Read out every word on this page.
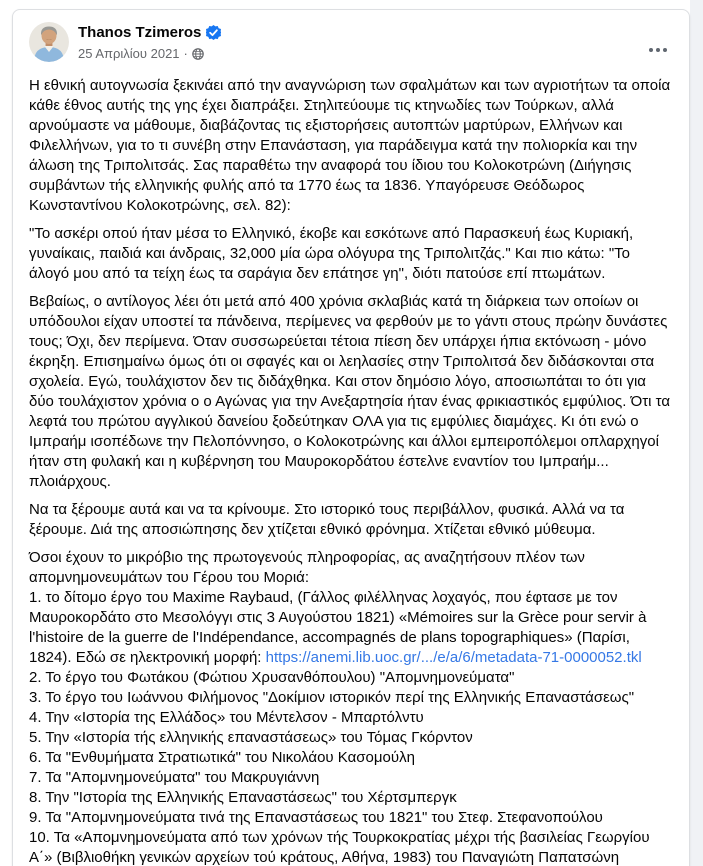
Thanos Tzimeros
25 Απριλίου 2021 ·
Η εθνική αυτογνωσία ξεκινάει από την αναγνώριση των σφαλμάτων και των αγριοτήτων τα οποία κάθε έθνος αυτής της γης έχει διαπράξει. Στηλιτεύουμε τις κτηνωδίες των Τούρκων, αλλά αρνούμαστε να μάθουμε, διαβάζοντας τις εξιστορήσεις αυτοπτών μαρτύρων, Ελλήνων και Φιλελλήνων, για το τι συνέβη στην Επανάσταση, για παράδειγμα κατά την πολιορκία και την άλωση της Τριπολιτσάς. Σας παραθέτω την αναφορά του ίδιου του Κολοκοτρώνη (Διήγησις συμβάντων τής ελληνικής φυλής από τα 1770 έως τα 1836. Υπαγόρευσε Θεόδωρος Κωνσταντίνου Κολοκοτρώνης, σελ. 82):
"Το ασκέρι οπού ήταν μέσα το Ελληνικό, έκοβε και εσκότωνε από Παρασκευή έως Κυριακή, γυναίκαις, παιδιά και άνδραις, 32,000 μία ώρα ολόγυρα της Τριπολιτζάς." Και πιο κάτω: "Το άλογό μου από τα τείχη έως τα σαράγια δεν επάτησε γη", διότι πατούσε επί πτωμάτων.
Βεβαίως, ο αντίλογος λέει ότι μετά από 400 χρόνια σκλαβιάς κατά τη διάρκεια των οποίων οι υπόδουλοι είχαν υποστεί τα πάνδεινα, περίμενες να φερθούν με το γάντι στους πρώην δυνάστες τους; Όχι, δεν περίμενα. Όταν συσσωρεύεται τέτοια πίεση δεν υπάρχει ήπια εκτόνωση - μόνο έκρηξη. Επισημαίνω όμως ότι οι σφαγές και οι λεηλασίες στην Τριπολιτσά δεν διδάσκονται στα σχολεία. Εγώ, τουλάχιστον δεν τις διδάχθηκα. Και στον δημόσιο λόγο, αποσιωπάται το ότι για δύο τουλάχιστον χρόνια ο ο Αγώνας για την Ανεξαρτησία ήταν ένας φρικιαστικός εμφύλιος. Ότι τα λεφτά του πρώτου αγγλικού δανείου ξοδεύτηκαν ΟΛΑ για τις εμφύλιες διαμάχες. Κι ότι ενώ ο Ιμπραήμ ισοπέδωνε την Πελοπόννησο, ο Κολοκοτρώνης και άλλοι εμπειροπόλεμοι οπλαρχηγοί ήταν στη φυλακή και η κυβέρνηση του Μαυροκορδάτου έστελνε εναντίον του Ιμπραήμ... πλοιάρχους.
Να τα ξέρουμε αυτά και να τα κρίνουμε. Στο ιστορικό τους περιβάλλον, φυσικά. Αλλά να τα ξέρουμε. Διά της αποσιώπησης δεν χτίζεται εθνικό φρόνημα. Χτίζεται εθνικό μύθευμα.
Όσοι έχουν το μικρόβιο της πρωτογενούς πληροφορίας, ας αναζητήσουν πλέον των απομνημονευμάτων του Γέρου του Μοριά:
1. το δίτομο έργο του Maxime Raybaud, (Γάλλος φιλέλληνας λοχαγός, που έφτασε με τον Μαυροκορδάτο στο Μεσολόγγι στις 3 Αυγούστου 1821) «Mémoires sur la Grèce pour servir à l'histoire de la guerre de l'Indépendance, accompagnés de plans topographiques» (Παρίσι, 1824). Εδώ σε ηλεκτρονική μορφή: https://anemi.lib.uoc.gr/.../e/a/6/metadata-71-0000052.tkl
2. Το έργο του Φωτάκου (Φώτιου Χρυσανθόπουλου) "Απομνημονεύματα"
3. Το έργο του Ιωάννου Φιλήμονος "Δοκίμιον ιστορικόν περί της Ελληνικής Επαναστάσεως"
4. Την «Ιστορία της Ελλάδος» του Μέντελσον - Μπαρτόλντυ
5. Την «Ιστορία τής ελληνικής επαναστάσεως» του Τόμας Γκόρντον
6. Τα "Ενθυμήματα Στρατιωτικά" του Νικολάου Κασομούλη
7. Τα "Απομνημονεύματα" του Μακρυγιάννη
8. Την "Ιστορία της Ελληνικής Επαναστάσεως" του Χέρτσμπεργκ
9. Τα "Απομνημονεύματα τινά της Επαναστάσεως του 1821" του Στεφ. Στεφανοπούλου
10. Τα «Απομνημονεύματα από των χρόνων τής Τουρκοκρατίας μέχρι τής βασιλείας Γεωργίου Α΄» (Βιβλιοθήκη γενικών αρχείων τού κράτους, Αθήνα, 1983) του Παναγιώτη Παπατσώνη
